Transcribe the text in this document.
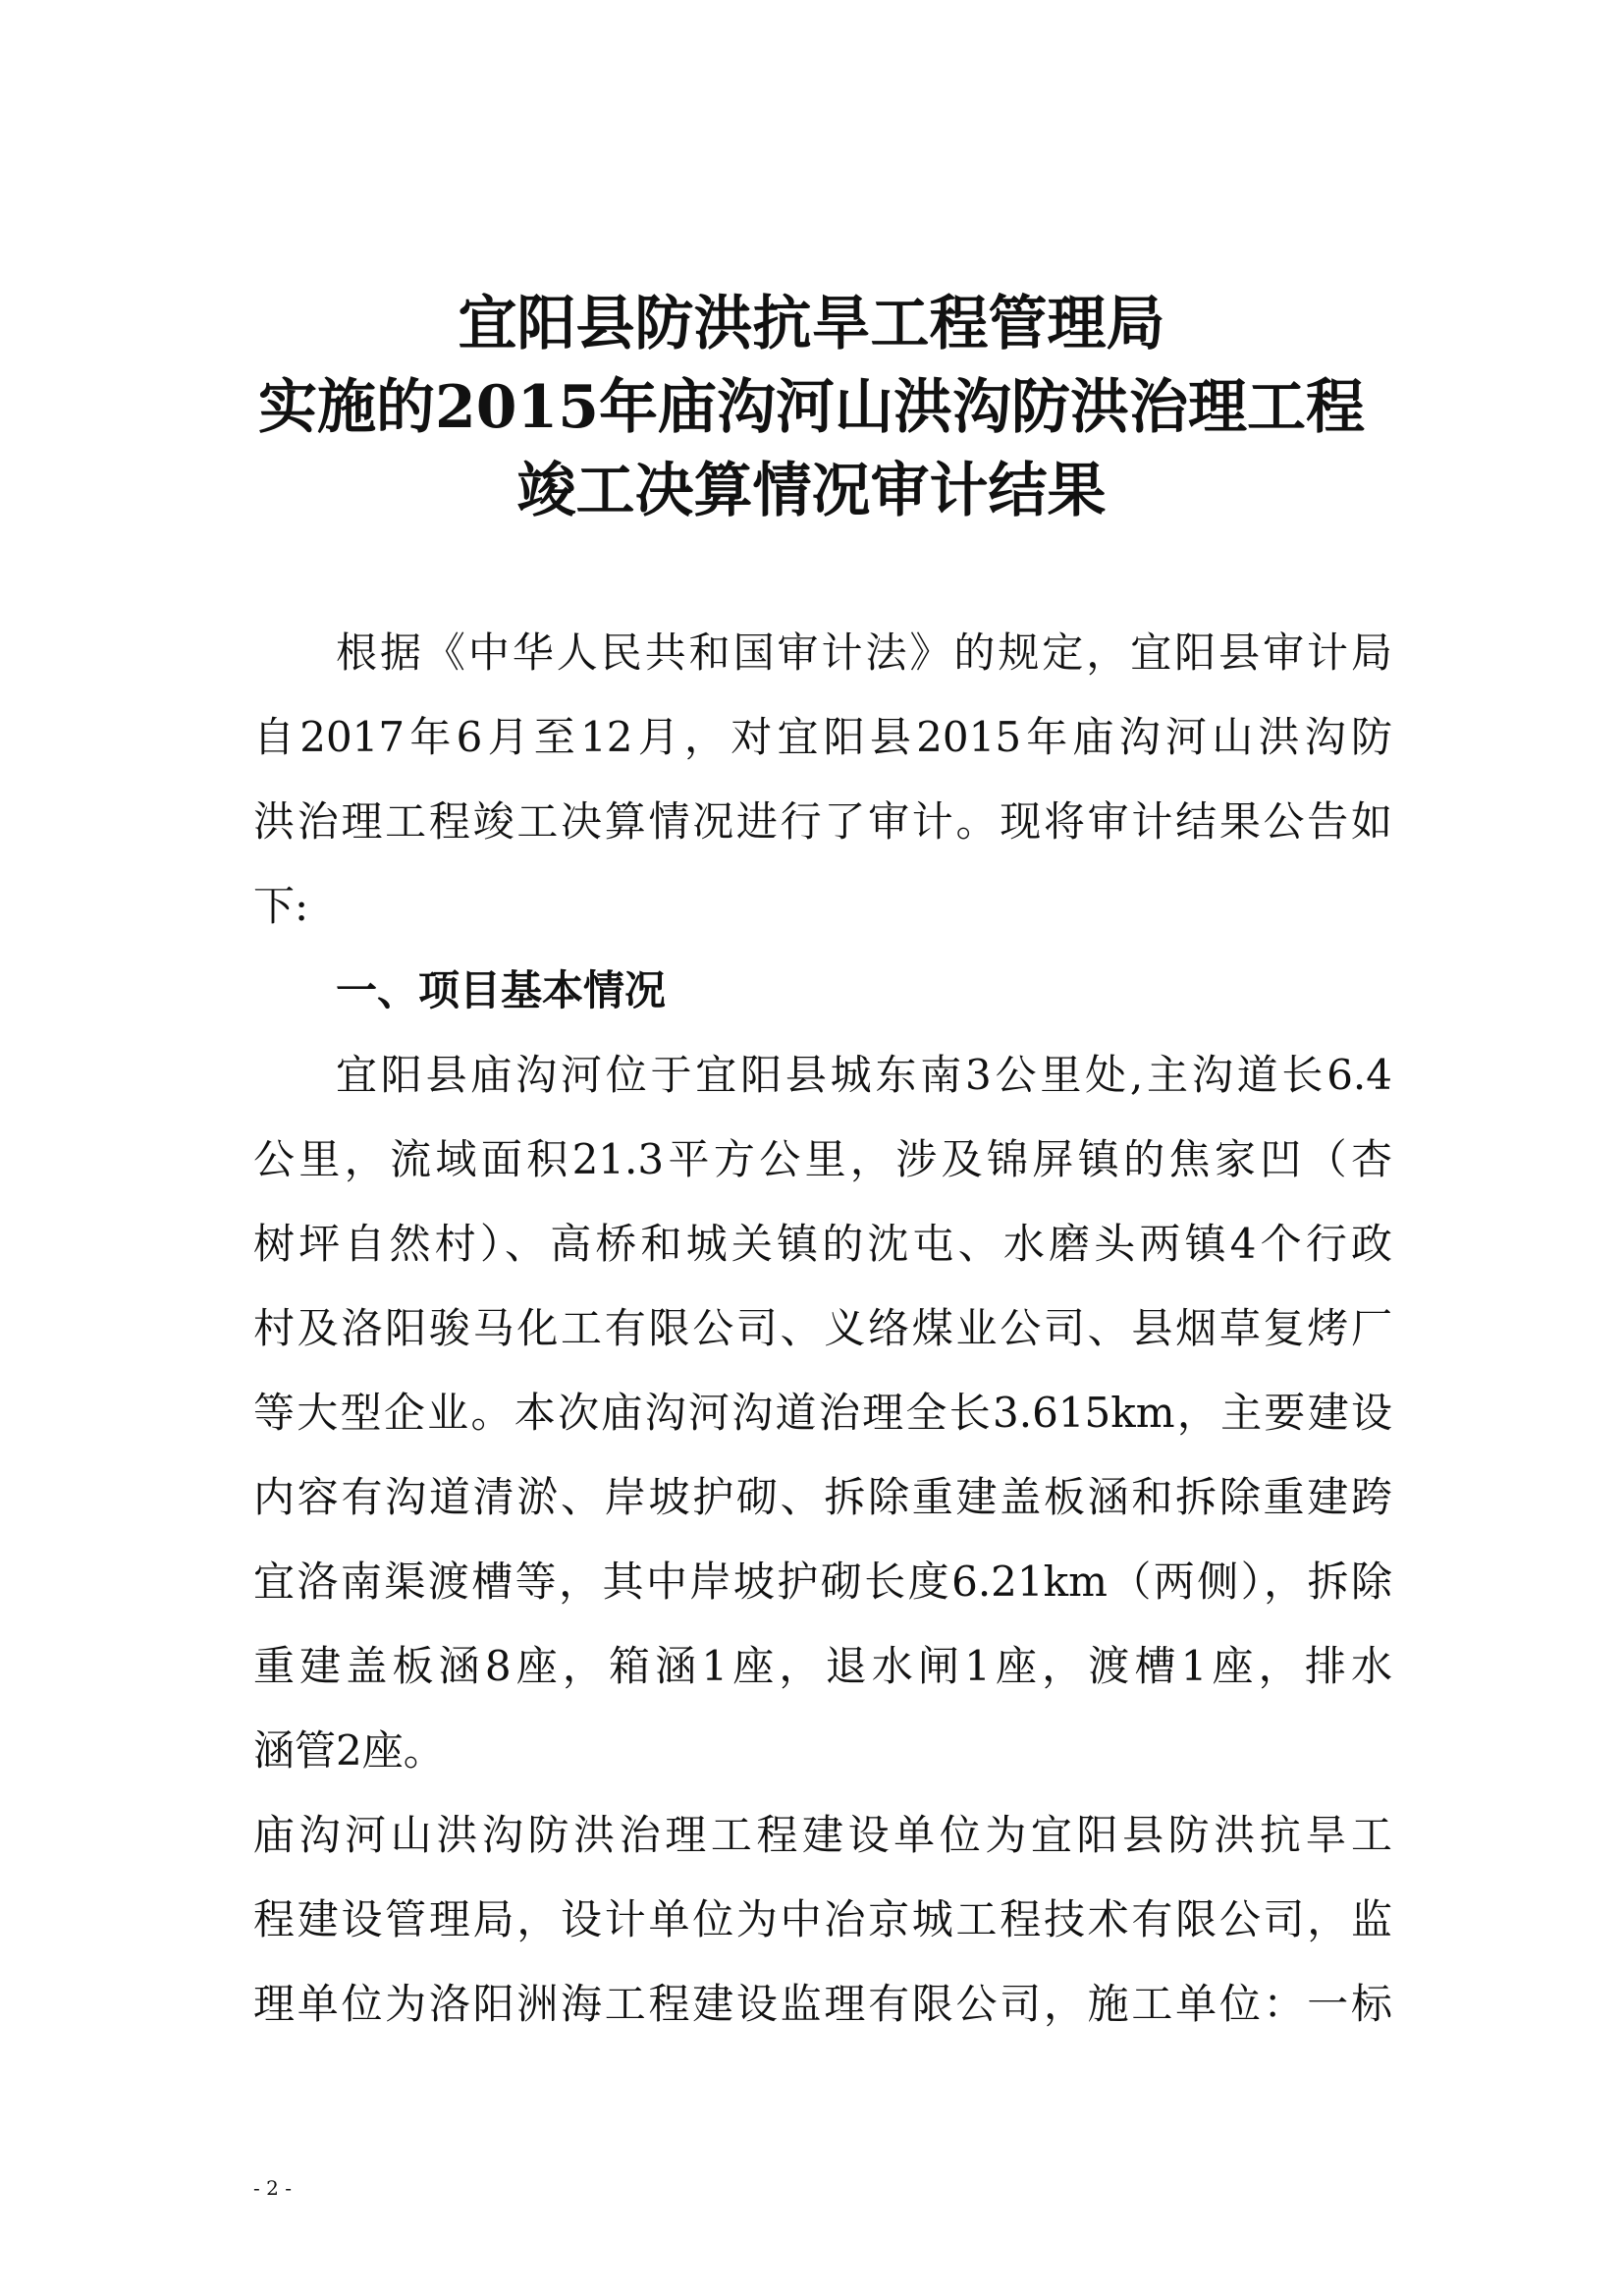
宜阳县防洪抗旱工程管理局
实施的2015年庙沟河山洪沟防洪治理工程
竣工决算情况审计结果
根据《中华人民共和国审计法》的规定，宜阳县审计局
自2017年6月至12月，对宜阳县2015年庙沟河山洪沟防
洪治理工程竣工决算情况进行了审计。现将审计结果公告如
下:
一、项目基本情况
宜阳县庙沟河位于宜阳县城东南3公里处,主沟道长6.4
公里，流域面积21.3平方公里，涉及锦屏镇的焦家凹（杏
树坪自然村）、高桥和城关镇的沈屯、水磨头两镇4个行政
村及洛阳骏马化工有限公司、义络煤业公司、县烟草复烤厂
等大型企业。本次庙沟河沟道治理全长3.615km，主要建设
内容有沟道清淤、岸坡护砌、拆除重建盖板涵和拆除重建跨
宜洛南渠渡槽等，其中岸坡护砌长度6.21km（两侧），拆除
重建盖板涵8座，箱涵1座，退水闸1座，渡槽1座，排水
涵管2座。
庙沟河山洪沟防洪治理工程建设单位为宜阳县防洪抗旱工
程建设管理局，设计单位为中冶京城工程技术有限公司，监
理单位为洛阳洲海工程建设监理有限公司，施工单位：一标
- 2 -
